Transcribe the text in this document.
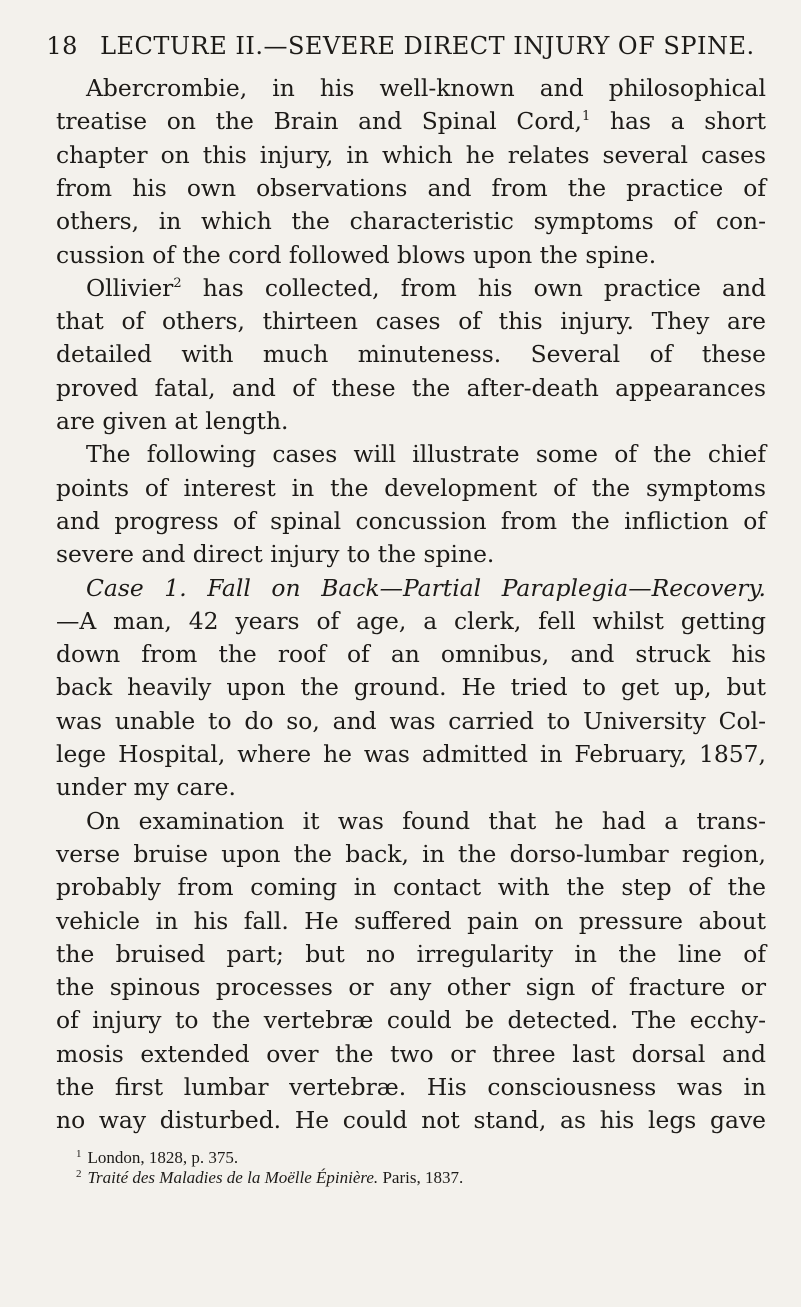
18 LECTURE II.—SEVERE DIRECT INJURY OF SPINE.
Abercrombie, in his well-known and philosophical
treatise on the Brain and Spinal Cord,$^1$ has a short
chapter on this injury, in which he relates several cases
from his own observations and from the practice of
others, in which the characteristic symptoms of con-
cussion of the cord followed blows upon the spine.
Ollivier$^2$ has collected, from his own practice and
that of others, thirteen cases of this injury. They are
detailed with much minuteness. Several of these
proved fatal, and of these the after-death appearances
are given at length.
The following cases will illustrate some of the chief
points of interest in the development of the symptoms
and progress of spinal concussion from the infliction of
severe and direct injury to the spine.
Case 1. Fall on Back—Partial Paraplegia—Recovery.
—A man, 42 years of age, a clerk, fell whilst getting
down from the roof of an omnibus, and struck his
back heavily upon the ground. He tried to get up, but
was unable to do so, and was carried to University Col-
lege Hospital, where he was admitted in February, 1857,
under my care.
On examination it was found that he had a trans-
verse bruise upon the back, in the dorso-lumbar region,
probably from coming in contact with the step of the
vehicle in his fall. He suffered pain on pressure about
the bruised part; but no irregularity in the line of
the spinous processes or any other sign of fracture or
of injury to the vertebræ could be detected. The ecchy-
mosis extended over the two or three last dorsal and
the first lumbar vertebræ. His consciousness was in
no way disturbed. He could not stand, as his legs gave
$^1$ London, 1828, p. 375.
$^2$ Traité des Maladies de la Moëlle Épinière. Paris, 1837.
